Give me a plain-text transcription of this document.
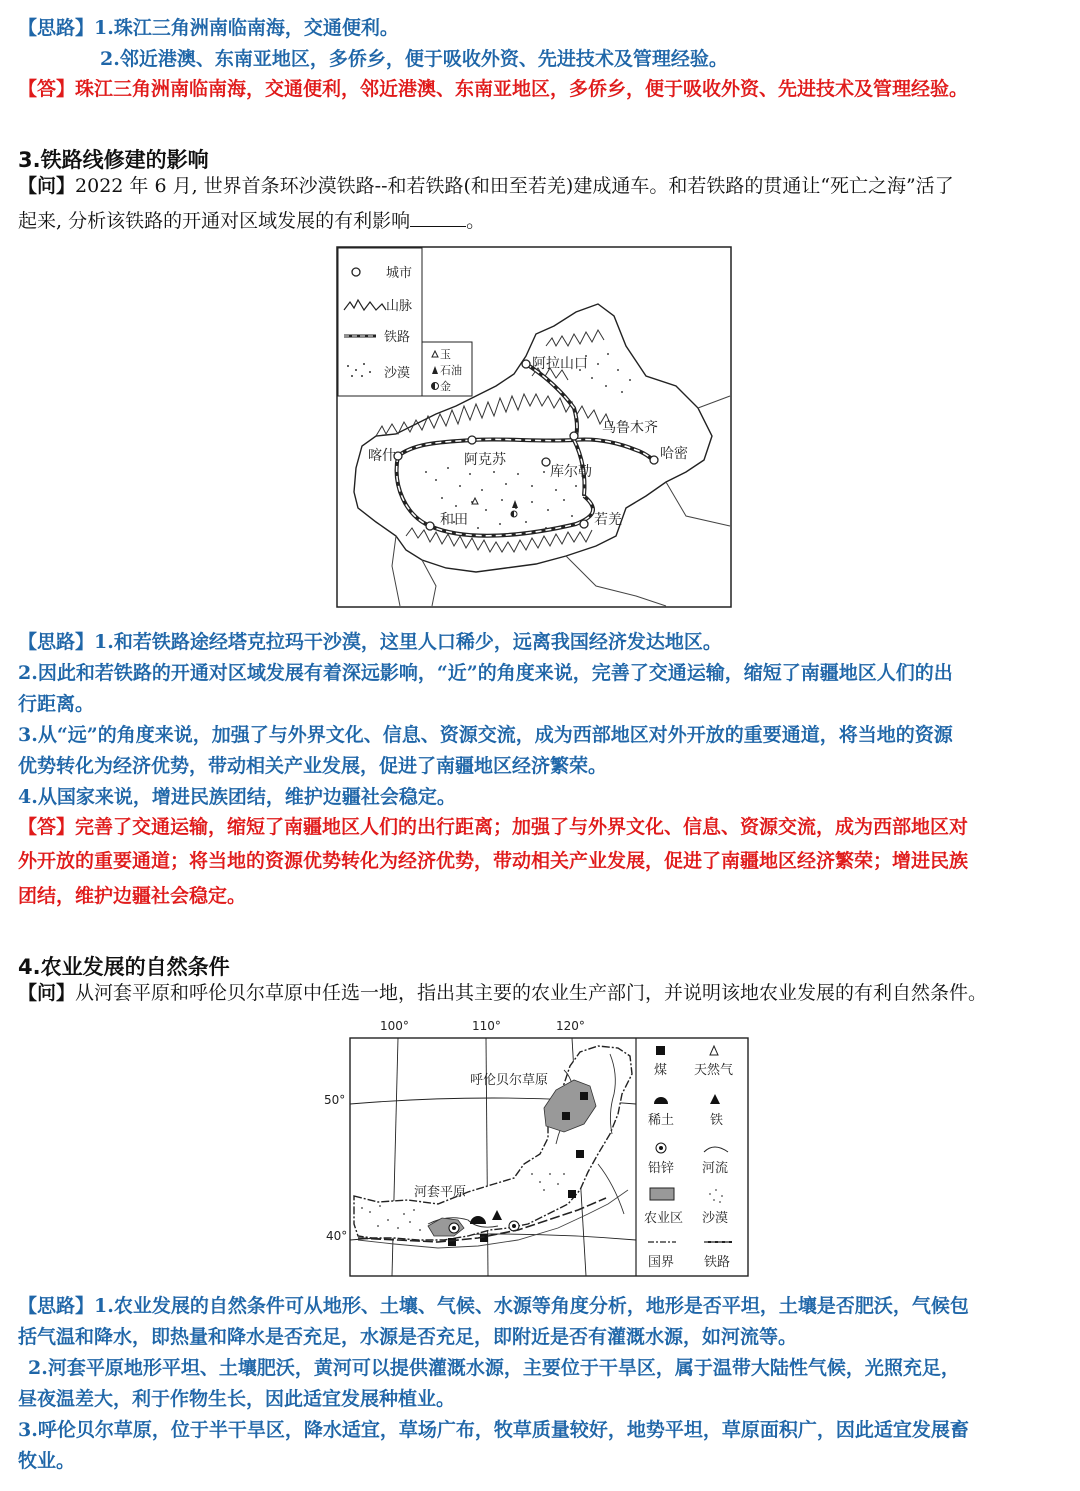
【思路】1.珠江三角洲南临南海，交通便利。
2.邻近港澳、东南亚地区，多侨乡，便于吸收外资、先进技术及管理经验。
【答】珠江三角洲南临南海，交通便利，邻近港澳、东南亚地区，多侨乡，便于吸收外资、先进技术及管理经验。
3.铁路线修建的影响
【问】2022 年 6 月, 世界首条环沙漠铁路--和若铁路(和田至若羌)建成通车。和若铁路的贯通让“死亡之海”活了
起来, 分析该铁路的开通对区域发展的有利影响	。
城市
山脉
铁路
沙漠
玉
石油
金
阿拉山口
乌鲁木齐
哈密
喀什	阿克苏
库尔勒
和田	若羌
【思路】1.和若铁路途经塔克拉玛干沙漠，这里人口稀少，远离我国经济发达地区。
2.因此和若铁路的开通对区域发展有着深远影响，“近”的角度来说，完善了交通运输，缩短了南疆地区人们的出
行距离。
3.从“远”的角度来说，加强了与外界文化、信息、资源交流，成为西部地区对外开放的重要通道，将当地的资源
优势转化为经济优势，带动相关产业发展，促进了南疆地区经济繁荣。
4.从国家来说，增进民族团结，维护边疆社会稳定。
【答】完善了交通运输，缩短了南疆地区人们的出行距离；加强了与外界文化、信息、资源交流，成为西部地区对
外开放的重要通道；将当地的资源优势转化为经济优势，带动相关产业发展，促进了南疆地区经济繁荣；增进民族
团结，维护边疆社会稳定。
4.农业发展的自然条件
【问】从河套平原和呼伦贝尔草原中任选一地，指出其主要的农业生产部门，并说明该地农业发展的有利自然条件。
100°	110°	120°
50°
40°
呼伦贝尔草原
河套平原
煤 天然气
稀土	铁
铅锌 河流
农业区 沙漠
国界 铁路
【思路】1.农业发展的自然条件可从地形、土壤、气候、水源等角度分析，地形是否平坦，土壤是否肥沃，气候包
括气温和降水，即热量和降水是否充足，水源是否充足，即附近是否有灌溉水源，如河流等。
2.河套平原地形平坦、土壤肥沃，黄河可以提供灌溉水源，主要位于干旱区，属于温带大陆性气候，光照充足，
昼夜温差大，利于作物生长，因此适宜发展种植业。
3.呼伦贝尔草原，位于半干旱区，降水适宜，草场广布，牧草质量较好，地势平坦，草原面积广，因此适宜发展畜
牧业。
